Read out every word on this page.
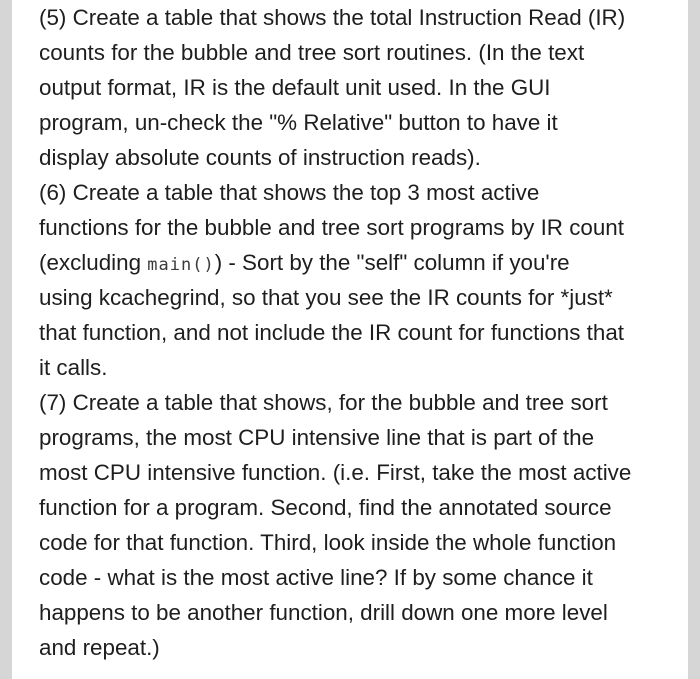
(5) Create a table that shows the total Instruction Read (IR)
counts for the bubble and tree sort routines. (In the text
output format, IR is the default unit used. In the GUI
program, un-check the "% Relative" button to have it
display absolute counts of instruction reads).
(6) Create a table that shows the top 3 most active
functions for the bubble and tree sort programs by IR count
(excluding main()) - Sort by the "self" column if you're
using kcachegrind, so that you see the IR counts for *just*
that function, and not include the IR count for functions that
it calls.
(7) Create a table that shows, for the bubble and tree sort
programs, the most CPU intensive line that is part of the
most CPU intensive function. (i.e. First, take the most active
function for a program. Second, find the annotated source
code for that function. Third, look inside the whole function
code - what is the most active line? If by some chance it
happens to be another function, drill down one more level
and repeat.)
